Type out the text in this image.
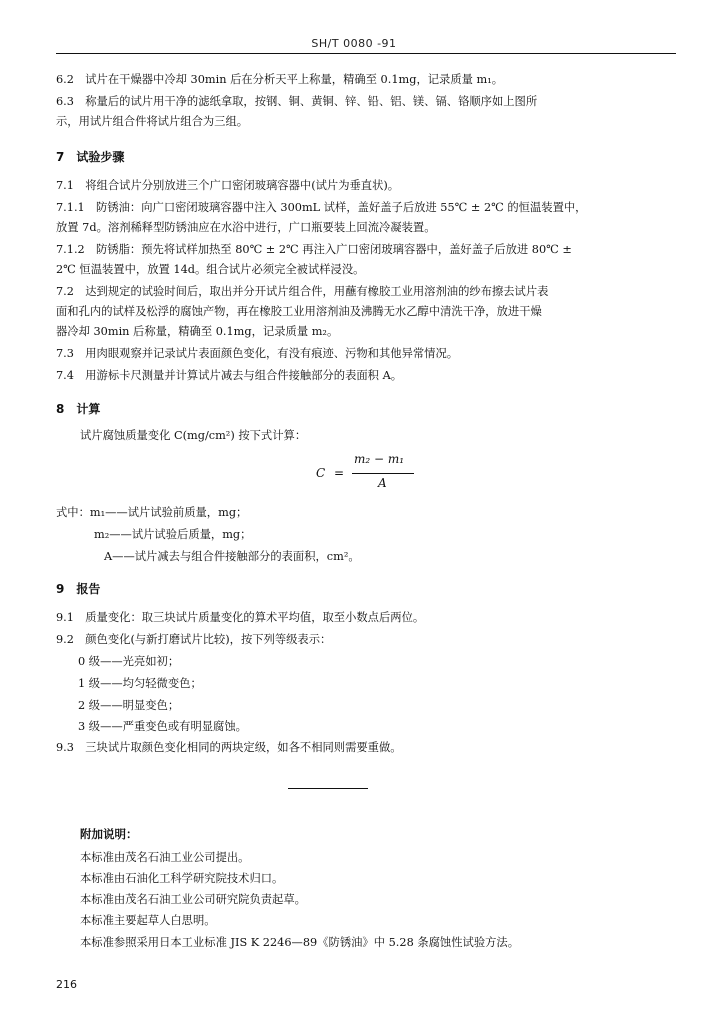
SH/T 0080 -91
6.2　试片在干燥器中冷却 30min 后在分析天平上称量，精确至 0.1mg，记录质量 m₁。
6.3　称量后的试片用干净的滤纸拿取，按钢、铜、黄铜、锌、铅、铝、镁、镉、铬顺序如上图所
示，用试片组合件将试片组合为三组。
7　试验步骤
7.1　将组合试片分别放进三个广口密闭玻璃容器中(试片为垂直状)。
7.1.1　防锈油：向广口密闭玻璃容器中注入 300mL 试样，盖好盖子后放进 55℃ ± 2℃ 的恒温装置中，
放置 7d。溶剂稀释型防锈油应在水浴中进行，广口瓶要装上回流冷凝装置。
7.1.2　防锈脂：预先将试样加热至 80℃ ± 2℃ 再注入广口密闭玻璃容器中，盖好盖子后放进 80℃ ±
2℃ 恒温装置中，放置 14d。组合试片必须完全被试样浸没。
7.2　达到规定的试验时间后，取出并分开试片组合件，用蘸有橡胶工业用溶剂油的纱布擦去试片表
面和孔内的试样及松浮的腐蚀产物，再在橡胶工业用溶剂油及沸腾无水乙醇中清洗干净，放进干燥
器冷却 30min 后称量，精确至 0.1mg，记录质量 m₂。
7.3　用肉眼观察并记录试片表面颜色变化，有没有痕迹、污物和其他异常情况。
7.4　用游标卡尺测量并计算试片减去与组合件接触部分的表面积 A。
8　计算
试片腐蚀质量变化 C(mg/cm²) 按下式计算：
C =
m₂ − m₁
A
式中：m₁——试片试验前质量，mg；
m₂——试片试验后质量，mg；
A——试片减去与组合件接触部分的表面积，cm²。
9　报告
9.1　质量变化：取三块试片质量变化的算术平均值，取至小数点后两位。
9.2　颜色变化(与新打磨试片比较)，按下列等级表示：
0 级——光亮如初；
1 级——均匀轻微变色；
2 级——明显变色；
3 级——严重变色或有明显腐蚀。
9.3　三块试片取颜色变化相同的两块定级，如各不相同则需要重做。
附加说明：
本标准由茂名石油工业公司提出。
本标准由石油化工科学研究院技术归口。
本标准由茂名石油工业公司研究院负责起草。
本标准主要起草人白思明。
本标准参照采用日本工业标准 JIS K 2246—89《防锈油》中 5.28 条腐蚀性试验方法。
216
